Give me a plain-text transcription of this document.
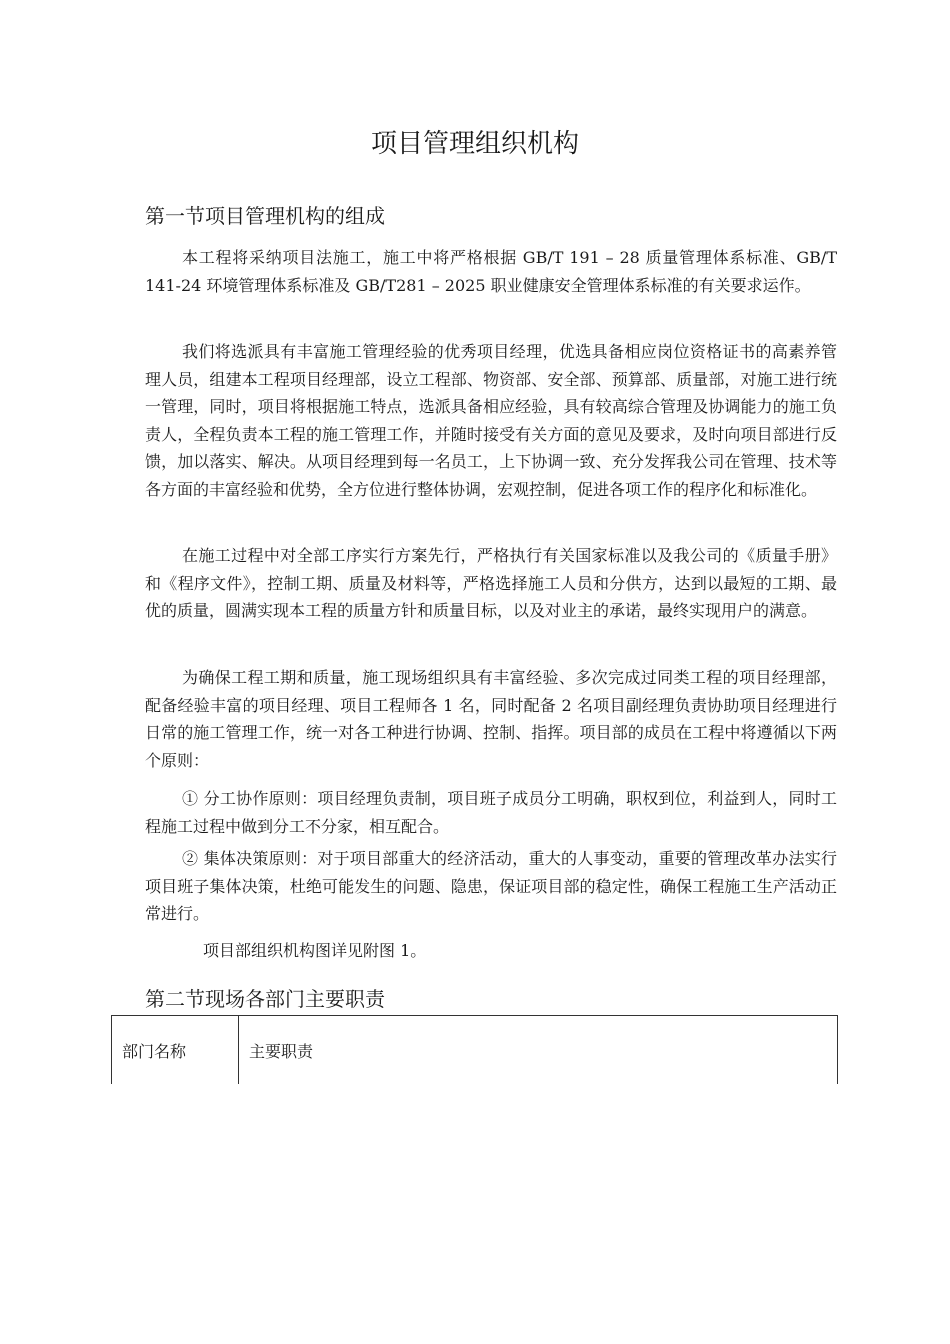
项目管理组织机构
第一节项目管理机构的组成

本工程将采纳项目法施工，施工中将严格根据 GB/T 191 – 28 质量管理体系标准、GB/T 141-24 环境管理体系标准及 GB/T281 – 2025 职业健康安全管理体系标准的有关要求运作。

我们将选派具有丰富施工管理经验的优秀项目经理，优选具备相应岗位资格证书的高素养管理人员，组建本工程项目经理部，设立工程部、物资部、安全部、预算部、质量部，对施工进行统一管理，同时，项目将根据施工特点，选派具备相应经验，具有较高综合管理及协调能力的施工负责人，全程负责本工程的施工管理工作，并随时接受有关方面的意见及要求，及时向项目部进行反馈，加以落实、解决。从项目经理到每一名员工，上下协调一致、充分发挥我公司在管理、技术等各方面的丰富经验和优势，全方位进行整体协调，宏观控制，促进各项工作的程序化和标准化。

在施工过程中对全部工序实行方案先行，严格执行有关国家标准以及我公司的《质量手册》和《程序文件》，控制工期、质量及材料等，严格选择施工人员和分供方，达到以最短的工期、最优的质量，圆满实现本工程的质量方针和质量目标，以及对业主的承诺，最终实现用户的满意。

为确保工程工期和质量，施工现场组织具有丰富经验、多次完成过同类工程的项目经理部，配备经验丰富的项目经理、项目工程师各 1 名，同时配备 2 名项目副经理负责协助项目经理进行日常的施工管理工作，统一对各工种进行协调、控制、指挥。项目部的成员在工程中将遵循以下两个原则：

① 分工协作原则：项目经理负责制，项目班子成员分工明确，职权到位，利益到人，同时工程施工过程中做到分工不分家，相互配合。

② 集体决策原则：对于项目部重大的经济活动，重大的人事变动，重要的管理改革办法实行项目班子集体决策，杜绝可能发生的问题、隐患，保证项目部的稳定性，确保工程施工生产活动正常进行。

项目部组织机构图详见附图 1。

第二节现场各部门主要职责
部门名称	主要职责
